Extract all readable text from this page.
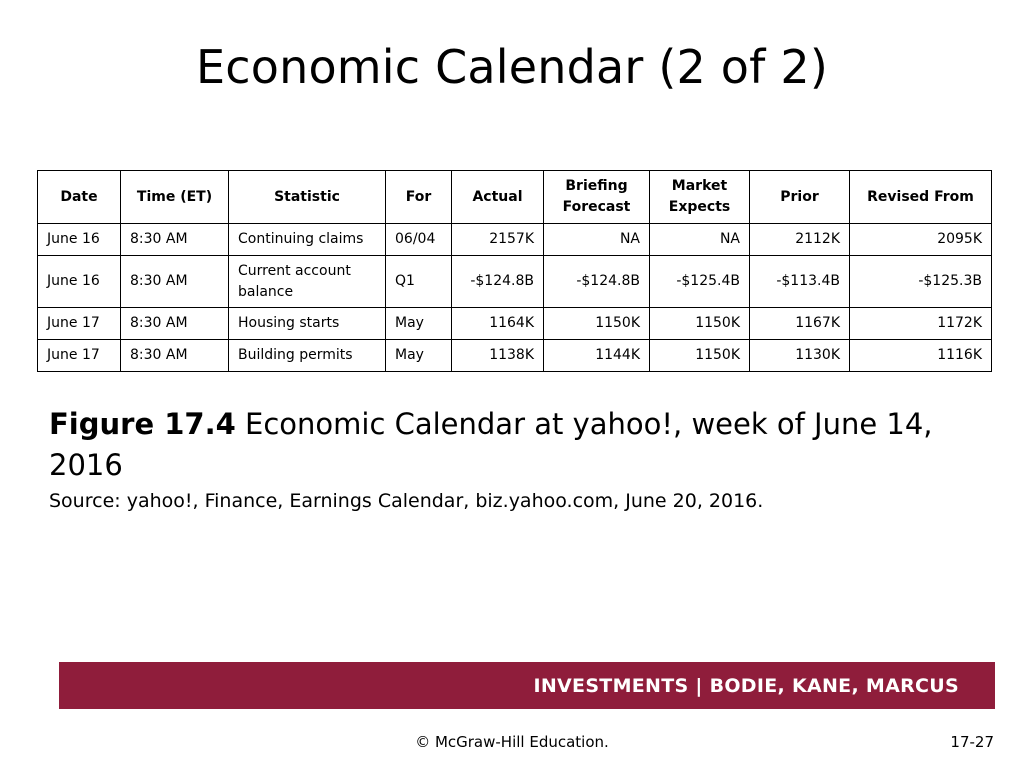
Economic Calendar (2 of 2)
Date	Time (ET)	Statistic	For	Actual	Briefing Forecast	Market Expects	Prior	Revised From
June 16	8:30 AM	Continuing claims	06/04	2157K	NA	NA	2112K	2095K
June 16	8:30 AM	Current account balance	Q1	-$124.8B	-$124.8B	-$125.4B	-$113.4B	-$125.3B
June 17	8:30 AM	Housing starts	May	1164K	1150K	1150K	1167K	1172K
June 17	8:30 AM	Building permits	May	1138K	1144K	1150K	1130K	1116K
Figure 17.4 Economic Calendar at yahoo!, week of June 14, 2016
Source: yahoo!, Finance, Earnings Calendar, biz.yahoo.com, June 20, 2016.
INVESTMENTS | BODIE, KANE, MARCUS
© McGraw-Hill Education.	17-27
